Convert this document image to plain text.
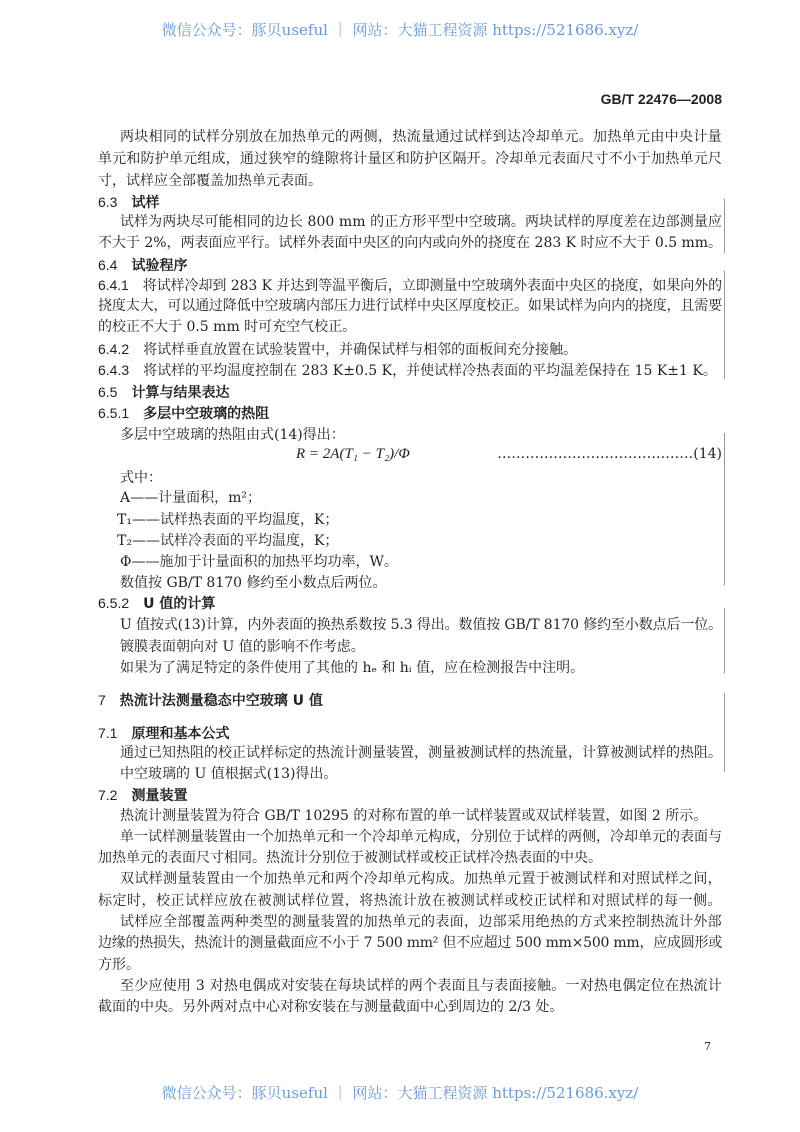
微信公众号：豚贝useful ｜ 网站：大猫工程资源 https://521686.xyz/
GB/T 22476—2008
两块相同的试样分别放在加热单元的两侧，热流量通过试样到达冷却单元。加热单元由中央计量
单元和防护单元组成，通过狭窄的缝隙将计量区和防护区隔开。冷却单元表面尺寸不小于加热单元尺
寸，试样应全部覆盖加热单元表面。
6.3 试样
试样为两块尽可能相同的边长 800 mm 的正方形平型中空玻璃。两块试样的厚度差在边部测量应
不大于 2%，两表面应平行。试样外表面中央区的向内或向外的挠度在 283 K 时应不大于 0.5 mm。
6.4 试验程序
6.4.1 将试样冷却到 283 K 并达到等温平衡后，立即测量中空玻璃外表面中央区的挠度，如果向外的
挠度太大，可以通过降低中空玻璃内部压力进行试样中央区厚度校正。如果试样为向内的挠度，且需要
的校正不大于 0.5 mm 时可充空气校正。
6.4.2 将试样垂直放置在试验装置中，并确保试样与相邻的面板间充分接触。
6.4.3 将试样的平均温度控制在 283 K±0.5 K，并使试样冷热表面的平均温差保持在 15 K±1 K。
6.5 计算与结果表达
6.5.1 多层中空玻璃的热阻
多层中空玻璃的热阻由式(14)得出：
R = 2A(T₁ − T₂)/Φ	……………………………………(14)
式中：
A——计量面积，m²；
T₁——试样热表面的平均温度，K；
T₂——试样冷表面的平均温度，K；
Φ——施加于计量面积的加热平均功率，W。
数值按 GB/T 8170 修约至小数点后两位。
6.5.2 U 值的计算
U 值按式(13)计算，内外表面的换热系数按 5.3 得出。数值按 GB/T 8170 修约至小数点后一位。
镀膜表面朝向对 U 值的影响不作考虑。
如果为了满足特定的条件使用了其他的 hₑ 和 hᵢ 值，应在检测报告中注明。
7 热流计法测量稳态中空玻璃 U 值
7.1 原理和基本公式
通过已知热阻的校正试样标定的热流计测量装置，测量被测试样的热流量，计算被测试样的热阻。
中空玻璃的 U 值根据式(13)得出。
7.2 测量装置
热流计测量装置为符合 GB/T 10295 的对称布置的单一试样装置或双试样装置，如图 2 所示。
单一试样测量装置由一个加热单元和一个冷却单元构成，分别位于试样的两侧，冷却单元的表面与
加热单元的表面尺寸相同。热流计分别位于被测试样或校正试样冷热表面的中央。
双试样测量装置由一个加热单元和两个冷却单元构成。加热单元置于被测试样和对照试样之间，
标定时，校正试样应放在被测试样位置，将热流计放在被测试样或校正试样和对照试样的每一侧。
试样应全部覆盖两种类型的测量装置的加热单元的表面，边部采用绝热的方式来控制热流计外部
边缘的热损失，热流计的测量截面应不小于 7 500 mm² 但不应超过 500 mm×500 mm，应成圆形或
方形。
至少应使用 3 对热电偶成对安装在每块试样的两个表面且与表面接触。一对热电偶定位在热流计
截面的中央。另外两对点中心对称安装在与测量截面中心到周边的 2/3 处。
7
微信公众号：豚贝useful ｜ 网站：大猫工程资源 https://521686.xyz/
